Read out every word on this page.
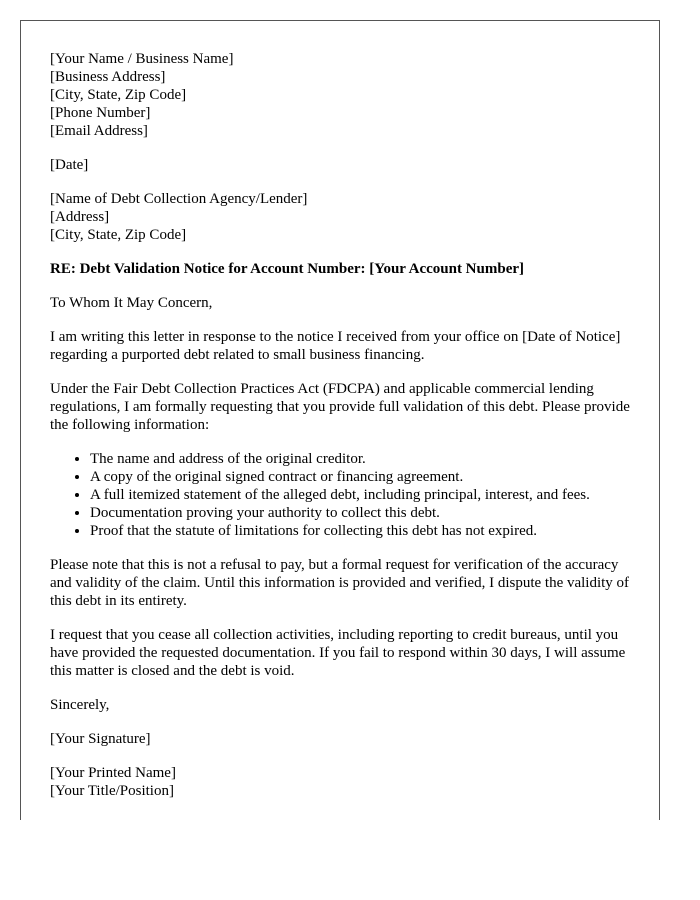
[Your Name / Business Name]
[Business Address]
[City, State, Zip Code]
[Phone Number]
[Email Address]

[Date]

[Name of Debt Collection Agency/Lender]
[Address]
[City, State, Zip Code]

RE: Debt Validation Notice for Account Number: [Your Account Number]

To Whom It May Concern,

I am writing this letter in response to the notice I received from your office on [Date of Notice] regarding a purported debt related to small business financing.

Under the Fair Debt Collection Practices Act (FDCPA) and applicable commercial lending regulations, I am formally requesting that you provide full validation of this debt. Please provide the following information:

• The name and address of the original creditor.
• A copy of the original signed contract or financing agreement.
• A full itemized statement of the alleged debt, including principal, interest, and fees.
• Documentation proving your authority to collect this debt.
• Proof that the statute of limitations for collecting this debt has not expired.

Please note that this is not a refusal to pay, but a formal request for verification of the accuracy and validity of the claim. Until this information is provided and verified, I dispute the validity of this debt in its entirety.

I request that you cease all collection activities, including reporting to credit bureaus, until you have provided the requested documentation. If you fail to respond within 30 days, I will assume this matter is closed and the debt is void.

Sincerely,

[Your Signature]

[Your Printed Name]
[Your Title/Position]
